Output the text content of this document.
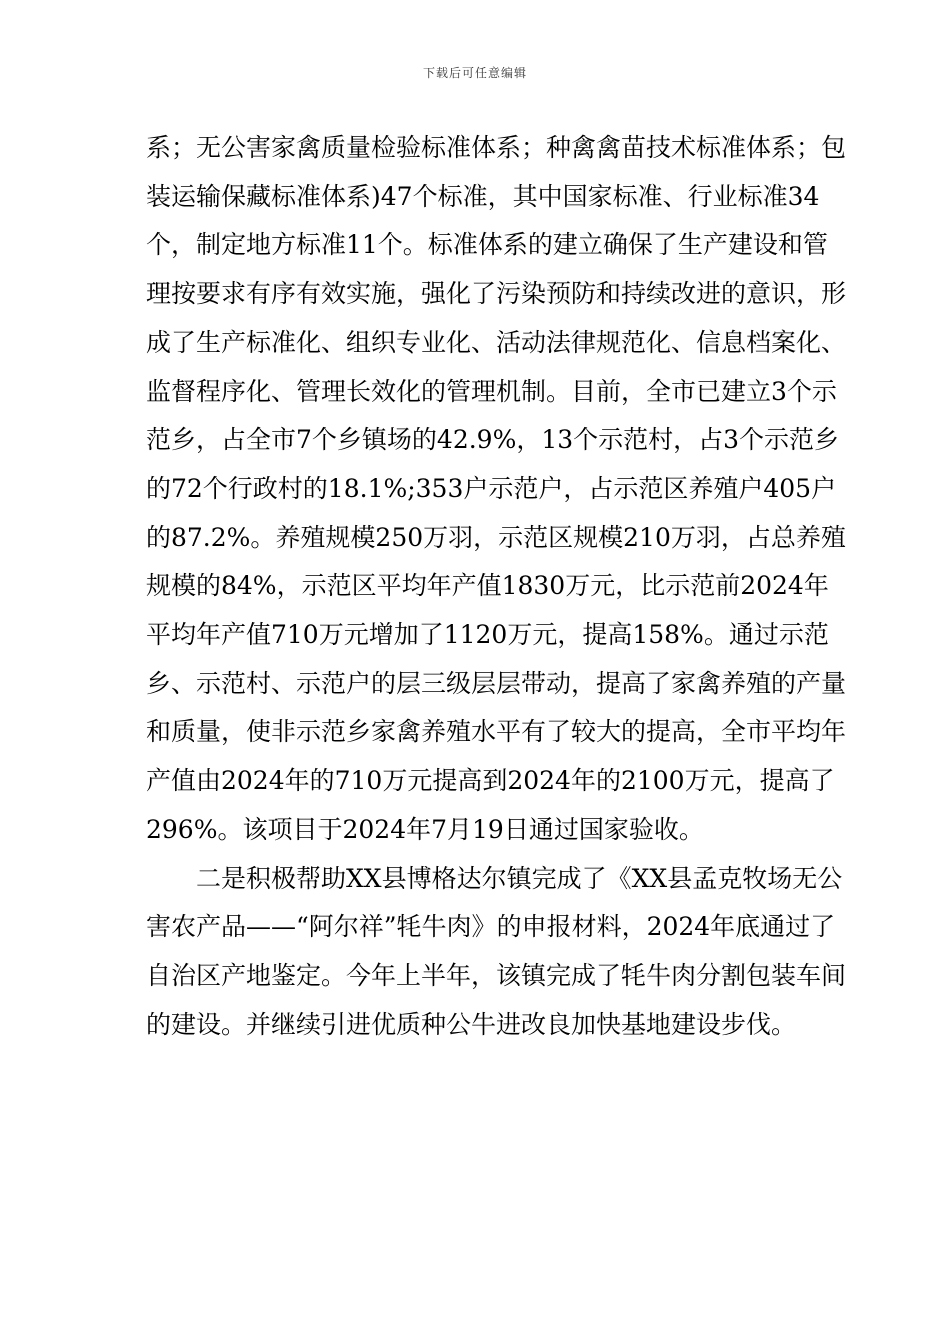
下载后可任意编辑

系；无公害家禽质量检验标准体系；种禽禽苗技术标准体系；包装运输保藏标准体系)47个标准，其中国家标准、行业标准34个，制定地方标准11个。标准体系的建立确保了生产建设和管理按要求有序有效实施，强化了污染预防和持续改进的意识，形成了生产标准化、组织专业化、活动法律规范化、信息档案化、监督程序化、管理长效化的管理机制。目前，全市已建立3个示范乡，占全市7个乡镇场的42.9%，13个示范村，占3个示范乡的72个行政村的18.1%;353户示范户，占示范区养殖户405户的87.2%。养殖规模250万羽，示范区规模210万羽，占总养殖规模的84%，示范区平均年产值1830万元，比示范前2024年平均年产值710万元增加了1120万元，提高158%。通过示范乡、示范村、示范户的层三级层层带动，提高了家禽养殖的产量和质量，使非示范乡家禽养殖水平有了较大的提高，全市平均年产值由2024年的710万元提高到2024年的2100万元，提高了296%。该项目于2024年7月19日通过国家验收。

二是积极帮助XX县博格达尔镇完成了《XX县孟克牧场无公害农产品——“阿尔祥”牦牛肉》的申报材料，2024年底通过了自治区产地鉴定。今年上半年，该镇完成了牦牛肉分割包装车间的建设。并继续引进优质种公牛进改良加快基地建设步伐。
